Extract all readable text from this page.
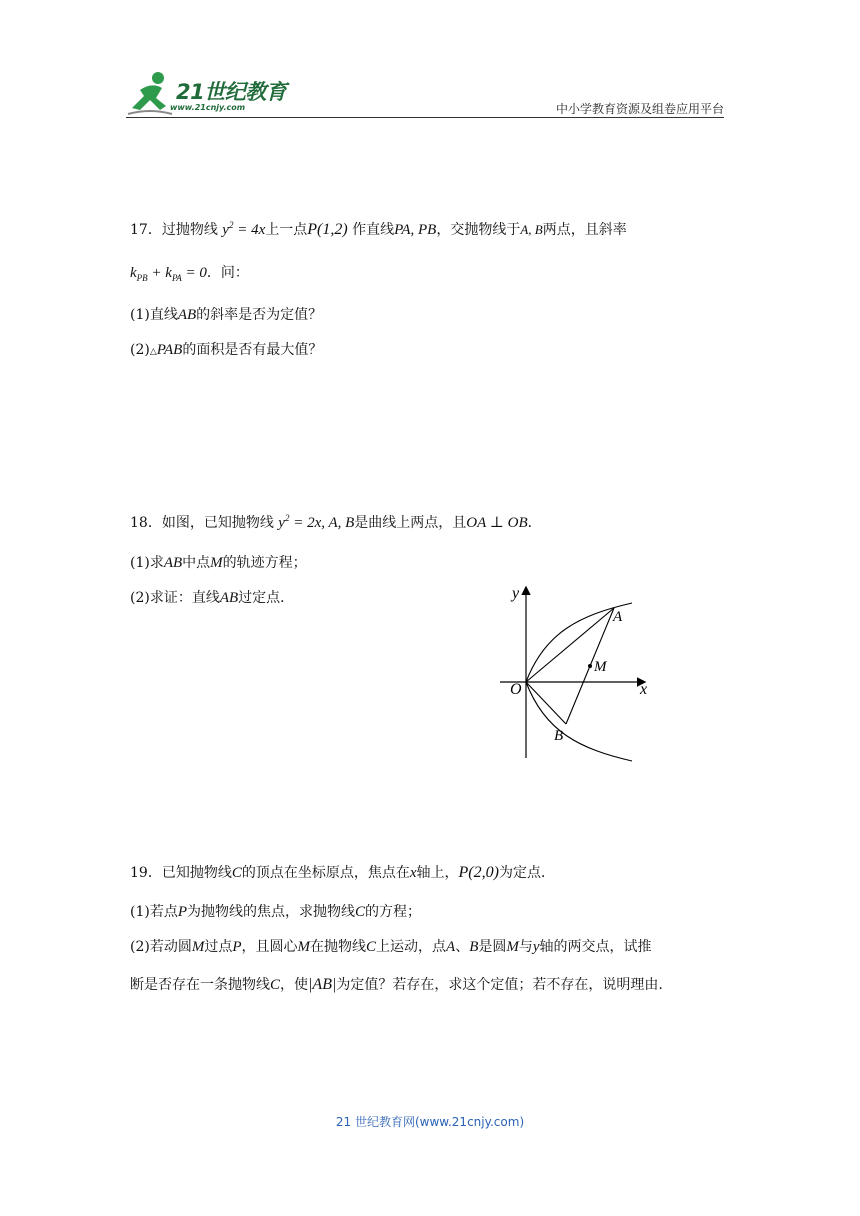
21世纪教育
www.21cnjy.com	中小学教育资源及组卷应用平台
17．过抛物线 $y^2 = 4x$上一点P(1,2) 作直线PA, PB，交抛物线于A, B两点，且斜率
$k_{PB} + k_{PA} = 0$．问：
(1)直线AB的斜率是否为定值？
(2)△PAB的面积是否有最大值？
18．如图，已知抛物线 $y^2 = 2x$, A, B是曲线上两点，且OA ⊥ OB．
(1)求AB中点M的轨迹方程；
(2)求证：直线AB过定点．	y
x
O
A
B
M
19．已知抛物线C的顶点在坐标原点，焦点在x轴上，P(2,0)为定点．
(1)若点P为抛物线的焦点，求抛物线C的方程；
(2)若动圆M过点P，且圆心M在抛物线C上运动，点A、B是圆M与y轴的两交点，试推
断是否存在一条抛物线C，使|AB|为定值？若存在，求这个定值；若不存在，说明理由.
21 世纪教育网(www.21cnjy.com)
